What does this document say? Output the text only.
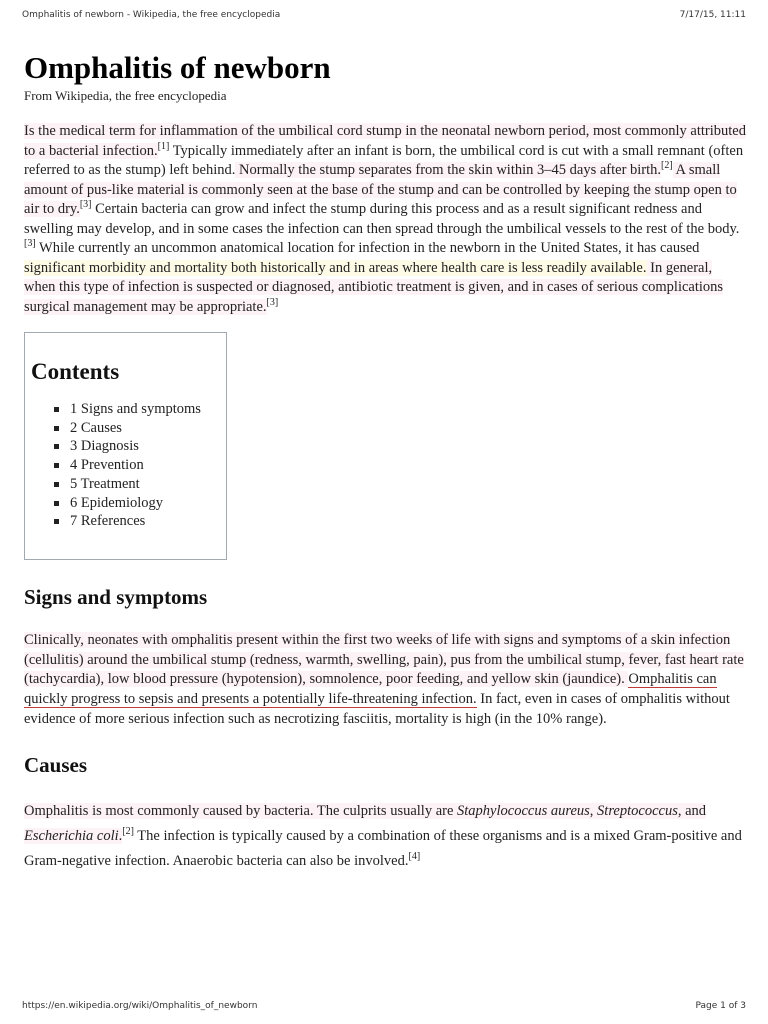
Omphalitis of newborn - Wikipedia, the free encyclopedia	7/17/15, 11:11
Omphalitis of newborn
From Wikipedia, the free encyclopedia

Is the medical term for inflammation of the umbilical cord stump in the neonatal newborn period, most commonly attributed to a bacterial infection.[1] Typically immediately after an infant is born, the umbilical cord is cut with a small remnant (often referred to as the stump) left behind. Normally the stump separates from the skin within 3–45 days after birth.[2] A small amount of pus-like material is commonly seen at the base of the stump and can be controlled by keeping the stump open to air to dry.[3] Certain bacteria can grow and infect the stump during this process and as a result significant redness and swelling may develop, and in some cases the infection can then spread through the umbilical vessels to the rest of the body.[3] While currently an uncommon anatomical location for infection in the newborn in the United States, it has caused significant morbidity and mortality both historically and in areas where health care is less readily available. In general, when this type of infection is suspected or diagnosed, antibiotic treatment is given, and in cases of serious complications surgical management may be appropriate.[3]

Contents
1 Signs and symptoms
2 Causes
3 Diagnosis
4 Prevention
5 Treatment
6 Epidemiology
7 References
Signs and symptoms

Clinically, neonates with omphalitis present within the first two weeks of life with signs and symptoms of a skin infection (cellulitis) around the umbilical stump (redness, warmth, swelling, pain), pus from the umbilical stump, fever, fast heart rate (tachycardia), low blood pressure (hypotension), somnolence, poor feeding, and yellow skin (jaundice). Omphalitis can quickly progress to sepsis and presents a potentially life-threatening infection. In fact, even in cases of omphalitis without evidence of more serious infection such as necrotizing fasciitis, mortality is high (in the 10% range).

Causes

Omphalitis is most commonly caused by bacteria. The culprits usually are Staphylococcus aureus, Streptococcus, and Escherichia coli.[2] The infection is typically caused by a combination of these organisms and is a mixed Gram-positive and Gram-negative infection. Anaerobic bacteria can also be involved.[4]

https://en.wikipedia.org/wiki/Omphalitis_of_newborn	Page 1 of 3
